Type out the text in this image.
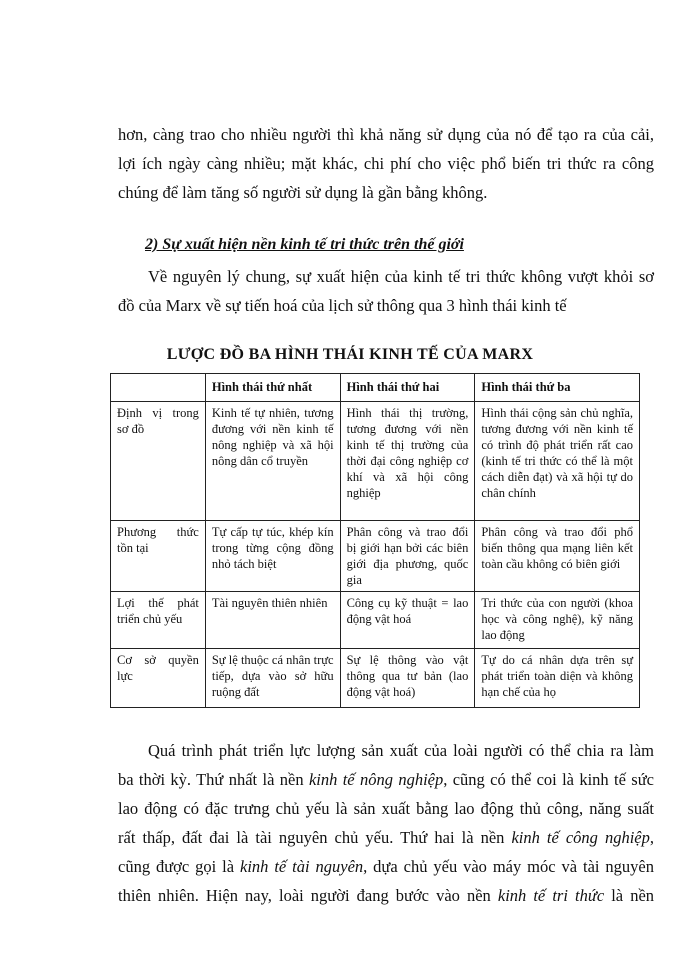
hơn, càng trao cho nhiều người thì khả năng sử dụng của nó để tạo ra của cải,
lợi ích ngày càng nhiều; mặt khác, chi phí cho việc phổ biến tri thức ra công
chúng để làm tăng số người sử dụng là gần bằng không.

2) Sự xuất hiện nền kinh tế tri thức trên thế giới

Về nguyên lý chung, sự xuất hiện của kinh tế tri thức không vượt khỏi sơ
đồ của Marx về sự tiến hoá của lịch sử thông qua 3 hình thái kinh tế

LƯỢC ĐỒ BA HÌNH THÁI KINH TẾ CỦA MARX

	Hình thái thứ nhất	Hình thái thứ hai	Hình thái thứ ba
Định vị trong sơ đồ	Kinh tế tự nhiên, tương đương với nền kinh tế nông nghiệp và xã hội nông dân cổ truyền	Hình thái thị trường, tương đương với nền kinh tế thị trường của thời đại công nghiệp cơ khí và xã hội công nghiệp	Hình thái cộng sản chủ nghĩa, tương đương với nền kinh tế có trình độ phát triển rất cao (kinh tế tri thức có thể là một cách diễn đạt) và xã hội tự do chân chính
Phương thức tồn tại	Tự cấp tự túc, khép kín trong từng cộng đồng nhỏ tách biệt	Phân công và trao đổi bị giới hạn bởi các biên giới địa phương, quốc gia	Phân công và trao đổi phổ biến thông qua mạng liên kết toàn cầu không có biên giới
Lợi thế phát triển chủ yếu	Tài nguyên thiên nhiên	Công cụ kỹ thuật = lao động vật hoá	Tri thức của con người (khoa học và công nghệ), kỹ năng lao động
Cơ sở quyền lực	Sự lệ thuộc cá nhân trực tiếp, dựa vào sở hữu ruộng đất	Sự lệ thông vào vật thông qua tư bản (lao động vật hoá)	Tự do cá nhân dựa trên sự phát triển toàn diện và không hạn chế của họ
Quá trình phát triển lực lượng sản xuất của loài người có thể chia ra làm
ba thời kỳ. Thứ nhất là nền kinh tế nông nghiệp, cũng có thể coi là kinh tế sức
lao động có đặc trưng chủ yếu là sản xuất bằng lao động thủ công, năng suất
rất thấp, đất đai là tài nguyên chủ yếu. Thứ hai là nền kinh tế công nghiệp,
cũng được gọi là kinh tế tài nguyên, dựa chủ yếu vào máy móc và tài nguyên
thiên nhiên. Hiện nay, loài người đang bước vào nền kinh tế tri thức là nền
